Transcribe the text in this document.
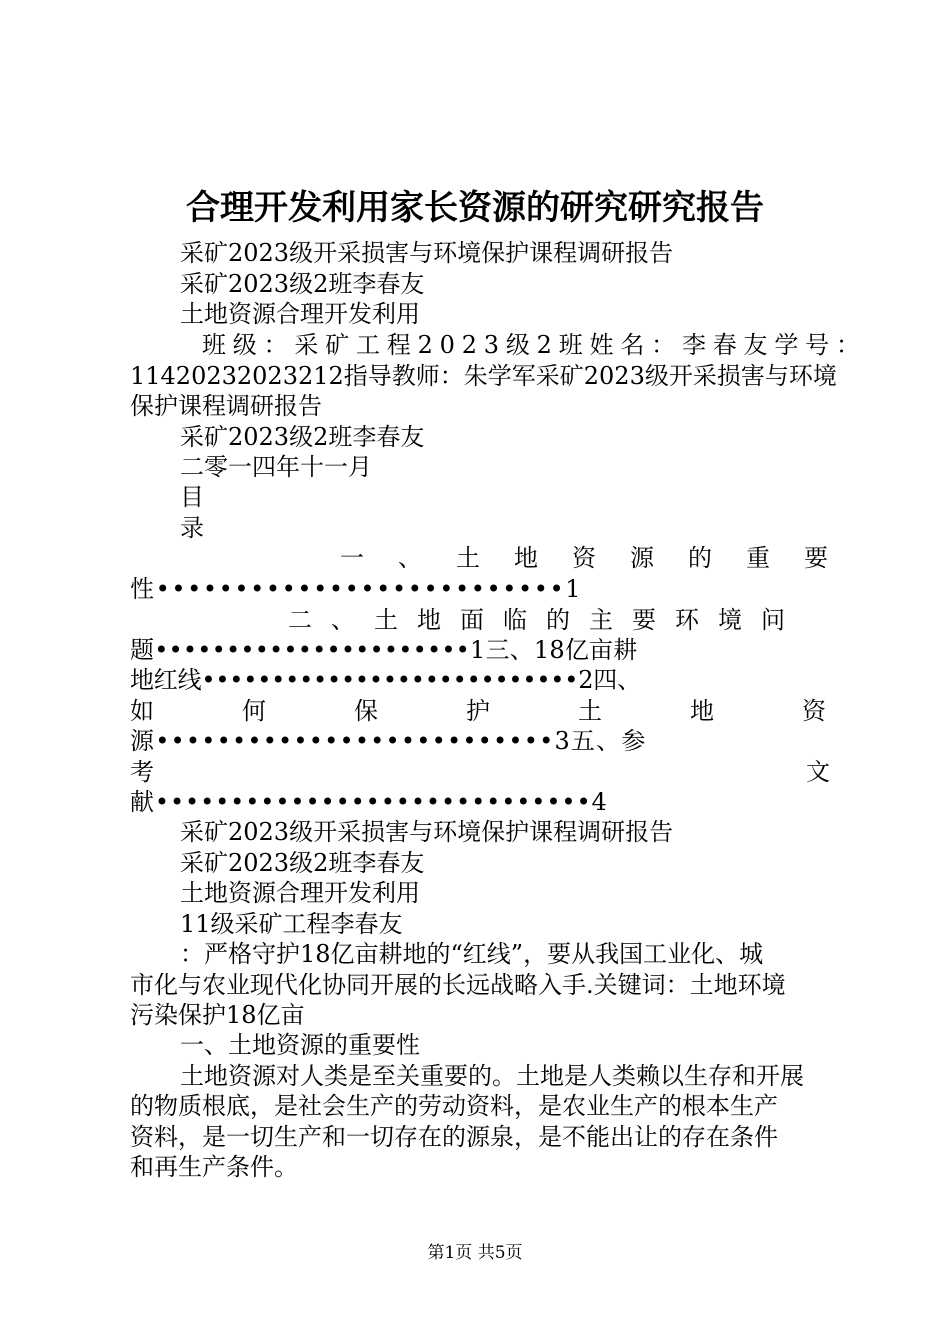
合理开发利用家长资源的研究研究报告
采矿2023级开采损害与环境保护课程调研报告
采矿2023级2班李春友
土地资源合理开发利用
班级：采矿工程2023级2班姓名：李春友学号：
11420232023212指导教师：朱学军采矿2023级开采损害与环境
保护课程调研报告
采矿2023级2班李春友
二零一四年十一月
目
录
一、土地资源的重要
性••••••••••••••••••••••••••1
二、土地面临的主要环境问
题••••••••••••••••••••••1三、18亿亩耕
地红线•••••••••••••••••••••••••••2四、
如何保护土地资
源••••••••••••••••••••••••••3五、参
考	文
献•••••••••••••••••••••••••••••4
采矿2023级开采损害与环境保护课程调研报告
采矿2023级2班李春友
土地资源合理开发利用
11级采矿工程李春友
：严格守护18亿亩耕地的“红线”，要从我国工业化、城
市化与农业现代化协同开展的长远战略入手.关键词：土地环境
污染保护18亿亩
一、土地资源的重要性
土地资源对人类是至关重要的。土地是人类赖以生存和开展
的物质根底，是社会生产的劳动资料，是农业生产的根本生产
资料，是一切生产和一切存在的源泉，是不能出让的存在条件
和再生产条件。
第1页 共5页
